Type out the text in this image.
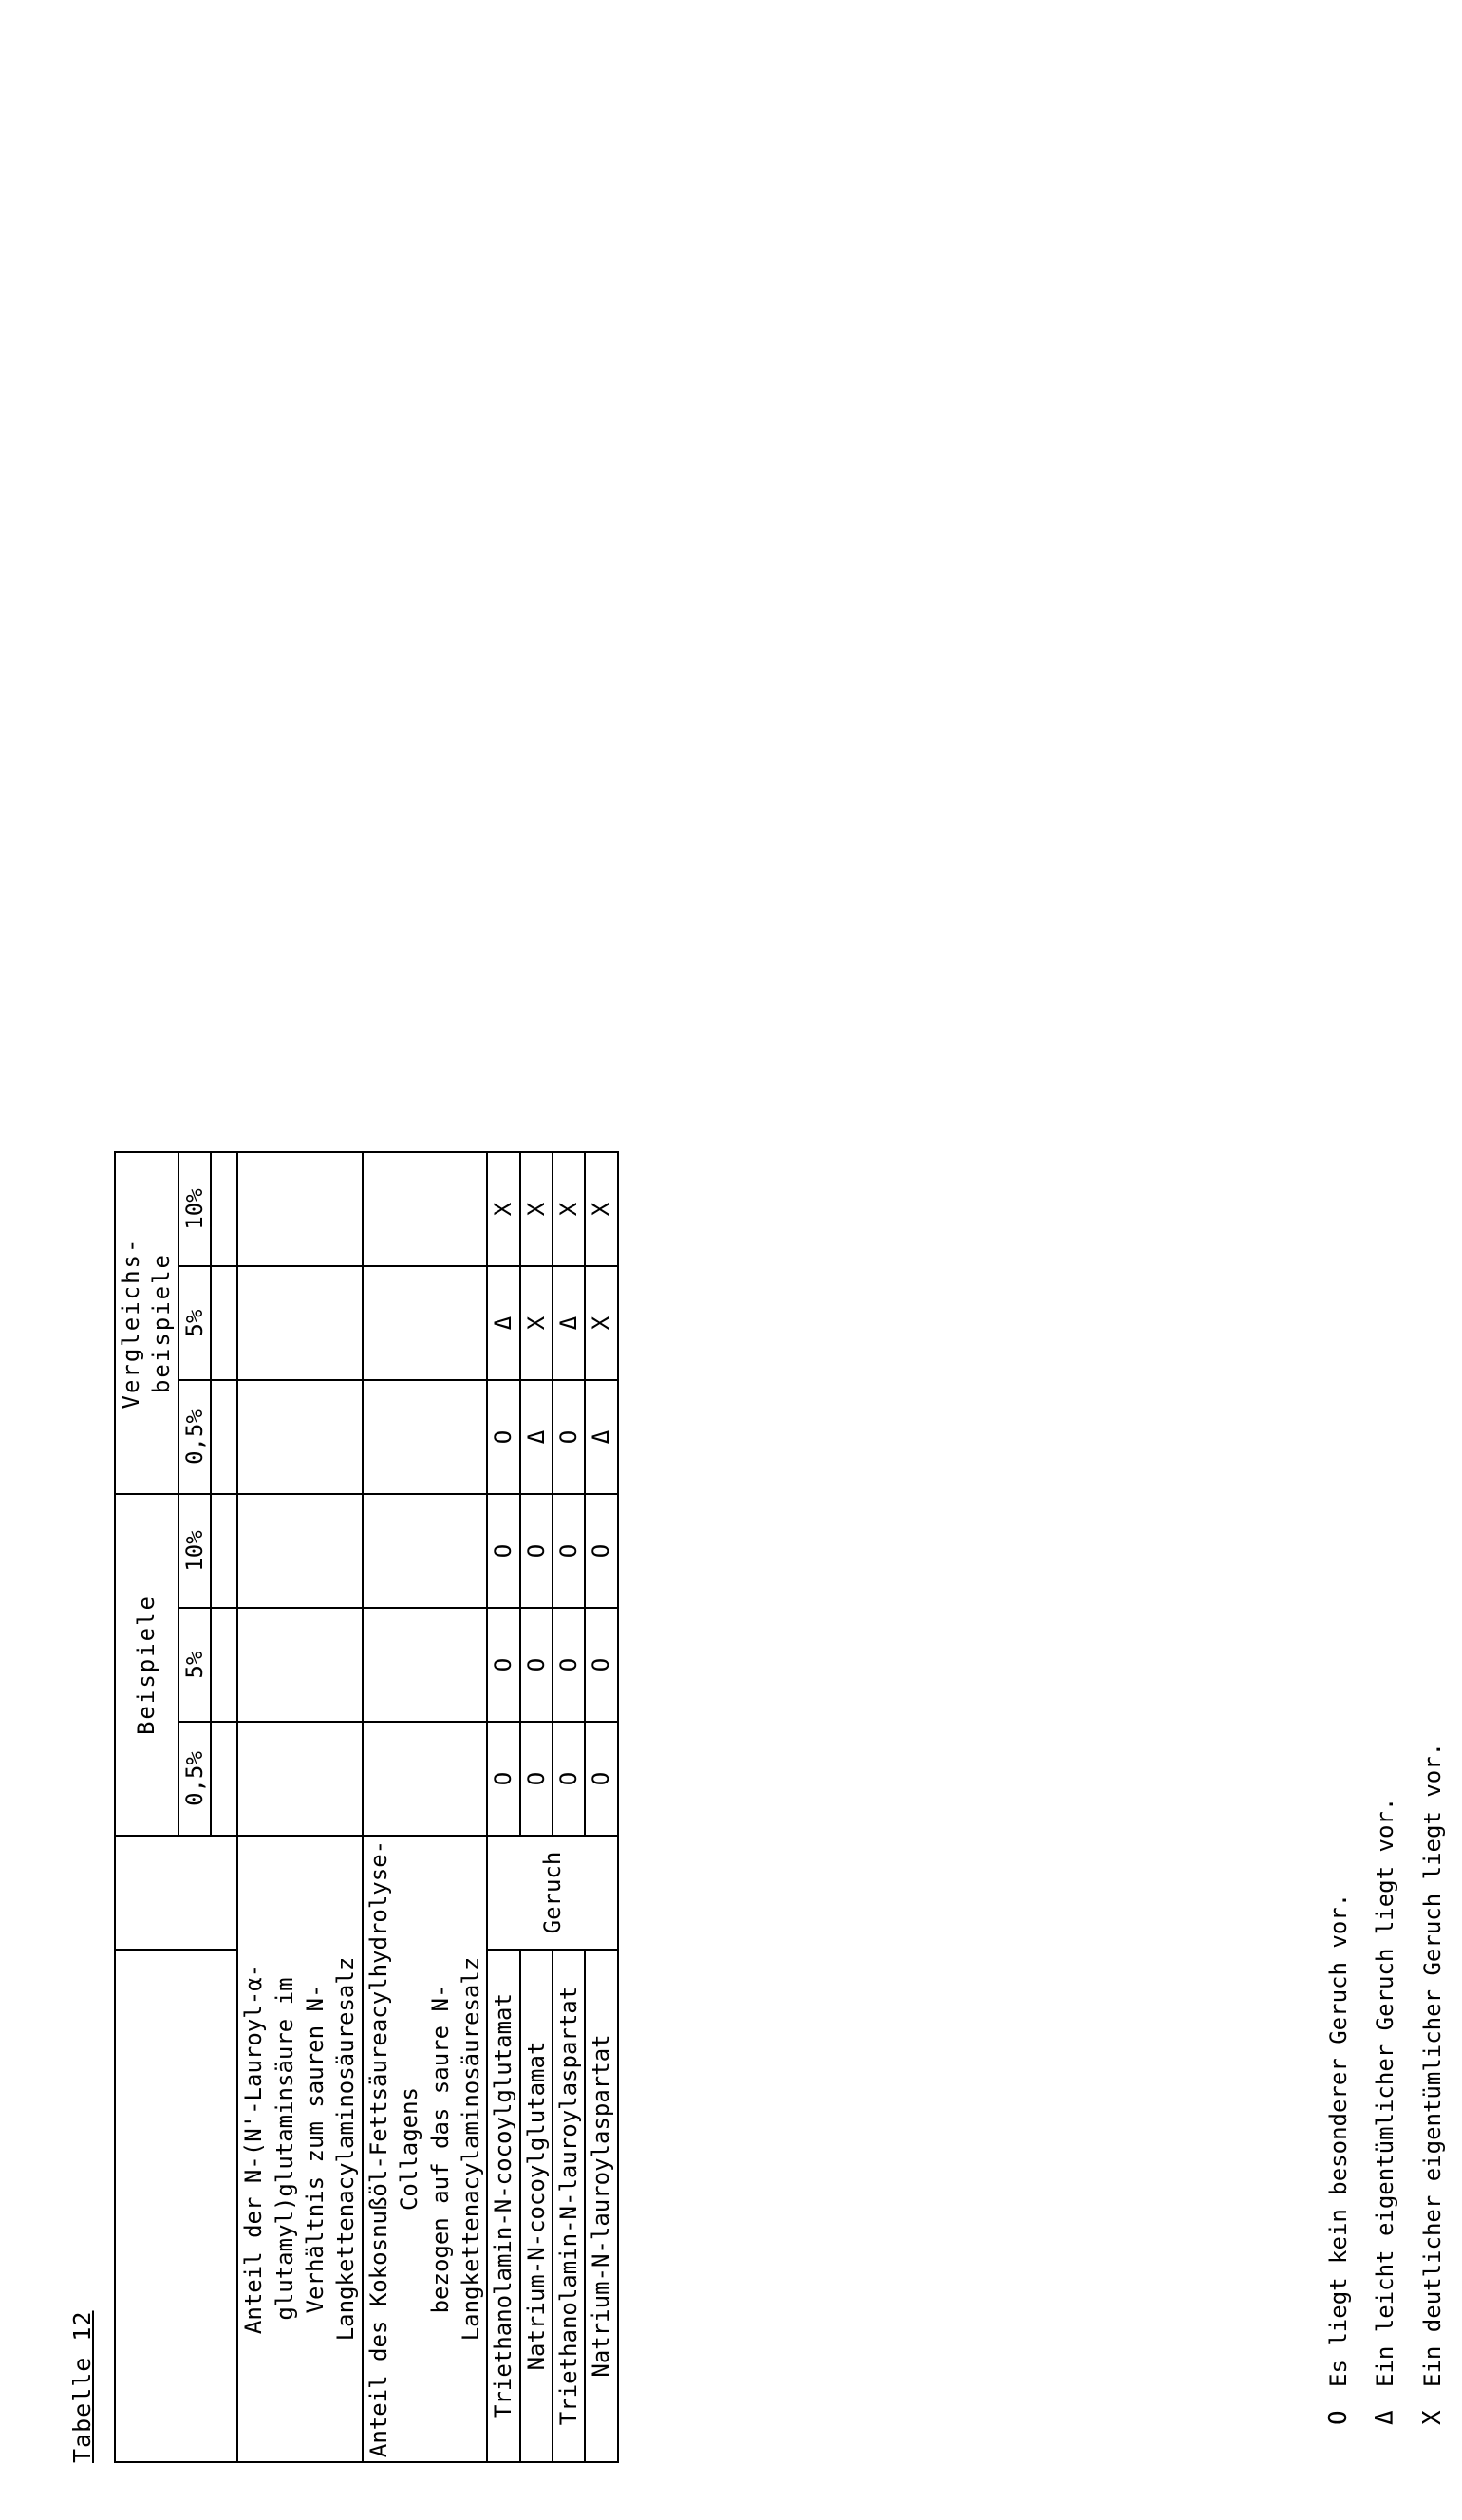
Tabelle 12
		Beispiele			Vergleichs-
beispiele		
		0,5%	5%	10%	0,5%	5%	10%

Anteil der N-(N'-Lauroyl-α-glutamyl)glutaminsäure im
Verhältnis zum sauren N-Langkettenacylaminosäuresalz							
Anteil des Kokosnußöl-Fettsäureacylhydrolyse-Collagens
bezogen auf das saure N-Langkettenacylaminosäuresalz							
Triethanolamin-N-cocoylglutamat	Geruch	O	O	O	O	Δ	X
Natrium-N-cocoylglutamat		O	O	O	Δ	X	X
Triethanolamin-N-lauroylaspartat		O	O	O	O	Δ	X
Natrium-N-lauroylaspartat		O	O	O	Δ	X	X
OEs liegt kein besonderer Geruch vor.
ΔEin leicht eigentümlicher Geruch liegt vor.
XEin deutlicher eigentümlicher Geruch liegt vor.
